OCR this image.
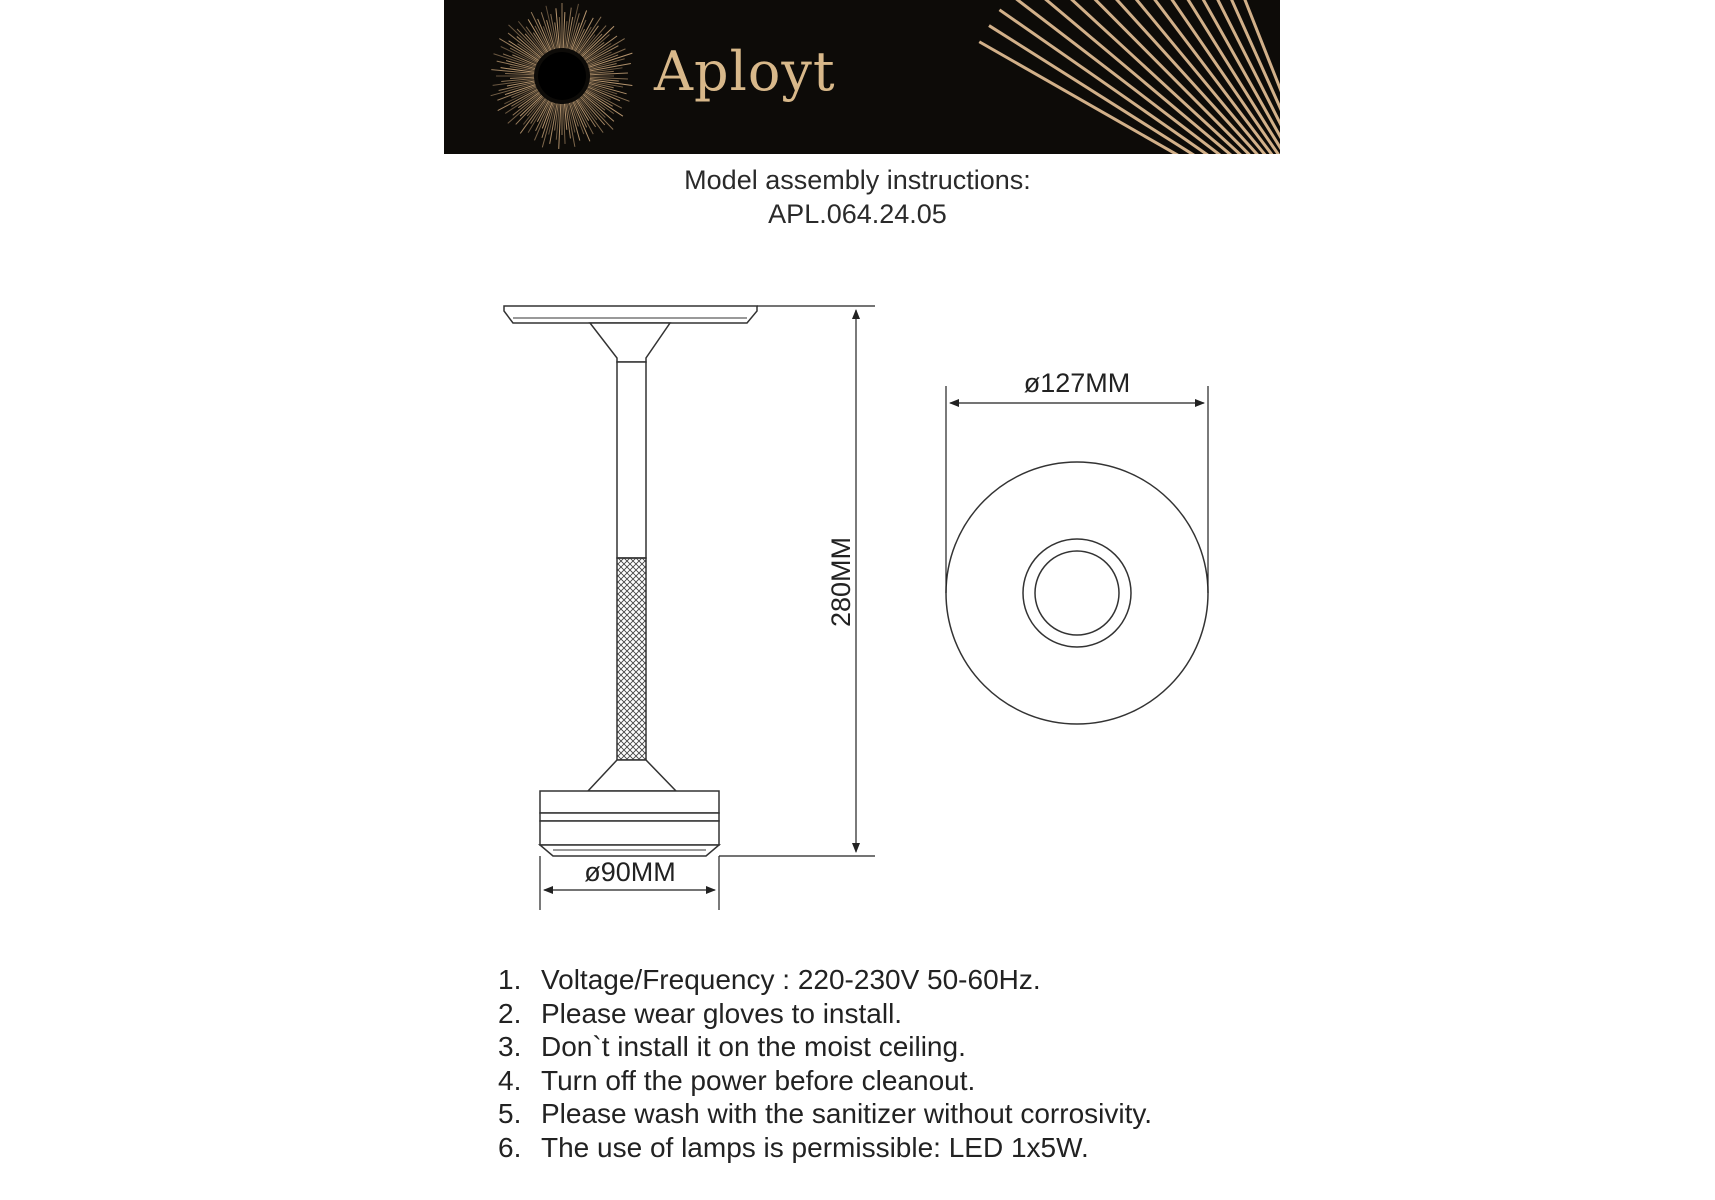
Aployt
Model assembly instructions:
APL.064.24.05
280MM
ø90MM
ø127MM
1. Voltage/Frequency : 220-230V 50-60Hz.
2. Please wear gloves to install.
3. Don`t install it on the moist ceiling.
4. Turn off the power before cleanout.
5. Please wash with the sanitizer without corrosivity.
6. The use of lamps is permissible: LED 1x5W.
